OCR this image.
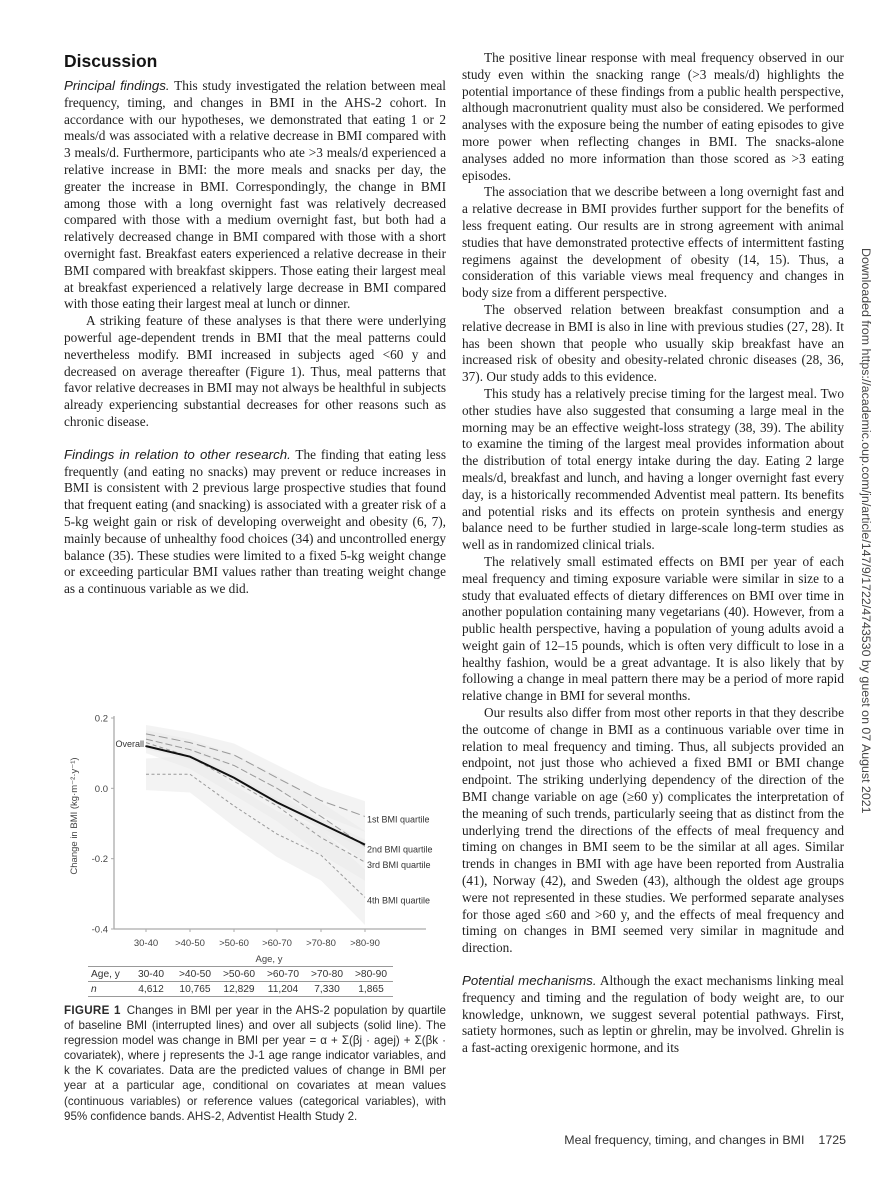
Discussion

Principal findings. This study investigated the relation between meal frequency, timing, and changes in BMI in the AHS-2 cohort. In accordance with our hypotheses, we demonstrated that eating 1 or 2 meals/d was associated with a relative decrease in BMI compared with 3 meals/d. Furthermore, participants who ate >3 meals/d experienced a relative increase in BMI: the more meals and snacks per day, the greater the increase in BMI. Correspondingly, the change in BMI among those with a long overnight fast was relatively decreased compared with those with a medium overnight fast, but both had a relatively decreased change in BMI compared with those with a short overnight fast. Breakfast eaters experienced a relative decrease in their BMI compared with breakfast skippers. Those eating their largest meal at breakfast experienced a relatively large decrease in BMI compared with those eating their largest meal at lunch or dinner.

A striking feature of these analyses is that there were underlying powerful age-dependent trends in BMI that the meal patterns could nevertheless modify. BMI increased in subjects aged <60 y and decreased on average thereafter (Figure 1). Thus, meal patterns that favor relative decreases in BMI may not always be healthful in subjects already experiencing substantial decreases for other reasons such as chronic disease.

Findings in relation to other research. The finding that eating less frequently (and eating no snacks) may prevent or reduce increases in BMI is consistent with 2 previous large prospective studies that found that frequent eating (and snacking) is associated with a greater risk of a 5-kg weight gain or risk of developing overweight and obesity (6, 7), mainly because of unhealthy food choices (34) and uncontrolled energy balance (35). These studies were limited to a fixed 5-kg weight change or exceeding particular BMI values rather than treating weight change as a continuous variable as we did.

0.2
0.0
-0.2
-0.4
30-40 >40-50 >50-60 >60-70 >70-80 >80-90
1st BMI quartile
2nd BMI quartile
3rd BMI quartile
4th BMI quartile
Overall
Change in BMI (kg·m⁻²·y⁻¹)
Age, y
Age, y	30-40	>40-50	>50-60	>60-70	>70-80	>80-90
n	4,612	10,765	12,829	11,204	7,330	1,865
FIGURE 1 Changes in BMI per year in the AHS-2 population by quartile of baseline BMI (interrupted lines) and over all subjects (solid line). The regression model was change in BMI per year = α + Σ(βj · agej) + Σ(βk · covariatek), where j represents the J-1 age range indicator variables, and k the K covariates. Data are the predicted values of change in BMI per year at a particular age, conditional on covariates at mean values (continuous variables) or reference values (categorical variables), with 95% confidence bands. AHS-2, Adventist Health Study 2.

The positive linear response with meal frequency observed in our study even within the snacking range (>3 meals/d) highlights the potential importance of these findings from a public health perspective, although macronutrient quality must also be considered. We performed analyses with the exposure being the number of eating episodes to give more power when reflecting changes in BMI. The snacks-alone analyses added no more information than those scored as >3 eating episodes.

The association that we describe between a long overnight fast and a relative decrease in BMI provides further support for the benefits of less frequent eating. Our results are in strong agreement with animal studies that have demonstrated protective effects of intermittent fasting regimens against the development of obesity (14, 15). Thus, a consideration of this variable views meal frequency and changes in body size from a different perspective.

The observed relation between breakfast consumption and a relative decrease in BMI is also in line with previous studies (27, 28). It has been shown that people who usually skip breakfast have an increased risk of obesity and obesity-related chronic diseases (28, 36, 37). Our study adds to this evidence.

This study has a relatively precise timing for the largest meal. Two other studies have also suggested that consuming a large meal in the morning may be an effective weight-loss strategy (38, 39). The ability to examine the timing of the largest meal provides information about the distribution of total energy intake during the day. Eating 2 large meals/d, breakfast and lunch, and having a longer overnight fast every day, is a historically recommended Adventist meal pattern. Its benefits and potential risks and its effects on protein synthesis and energy balance need to be further studied in large-scale long-term studies as well as in randomized clinical trials.

The relatively small estimated effects on BMI per year of each meal frequency and timing exposure variable were similar in size to a study that evaluated effects of dietary differences on BMI over time in another population containing many vegetarians (40). However, from a public health perspective, having a population of young adults avoid a weight gain of 12–15 pounds, which is often very difficult to lose in a healthy fashion, would be a great advantage. It is also likely that by following a change in meal pattern there may be a period of more rapid relative change in BMI for several months.

Our results also differ from most other reports in that they describe the outcome of change in BMI as a continuous variable over time in relation to meal frequency and timing. Thus, all subjects provided an endpoint, not just those who achieved a fixed BMI or BMI change endpoint. The striking underlying dependency of the direction of the BMI change variable on age (≥60 y) complicates the interpretation of the meaning of such trends, particularly seeing that as distinct from the underlying trend the directions of the effects of meal frequency and timing on changes in BMI seem to be the similar at all ages. Similar trends in changes in BMI with age have been reported from Australia (41), Norway (42), and Sweden (43), although the oldest age groups were not represented in these studies. We performed separate analyses for those aged ≤60 and >60 y, and the effects of meal frequency and timing on changes in BMI seemed very similar in magnitude and direction.

Potential mechanisms. Although the exact mechanisms linking meal frequency and timing and the regulation of body weight are, to our knowledge, unknown, we suggest several potential pathways. First, satiety hormones, such as leptin or ghrelin, may be involved. Ghrelin is a fast-acting orexigenic hormone, and its

Meal frequency, timing, and changes in BMI 1725
Downloaded from https://academic.oup.com/jn/article/147/9/1722/4743530 by guest on 07 August 2021
